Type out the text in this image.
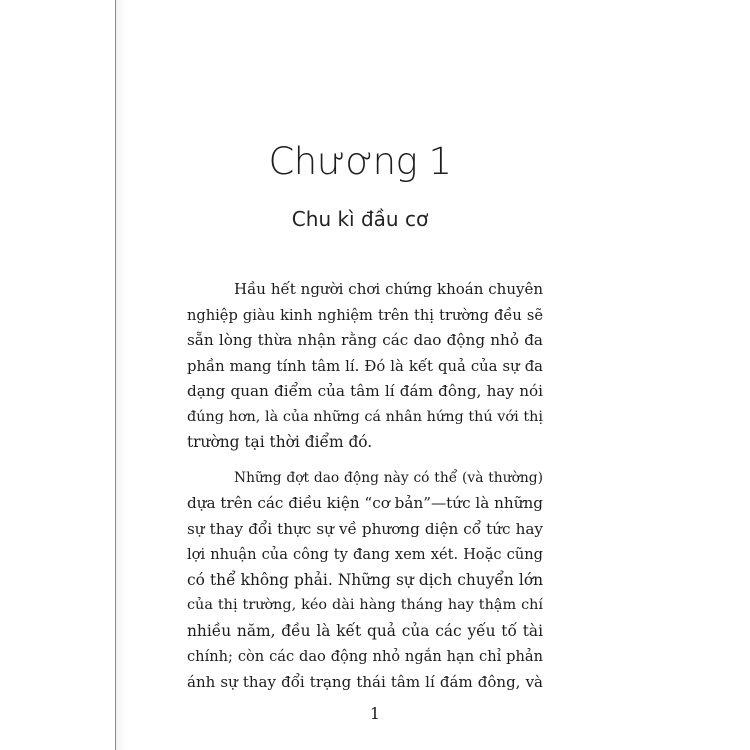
Chương 1
Chu kì đầu cơ

Hầu hết người chơi chứng khoán chuyên
nghiệp giàu kinh nghiệm trên thị trường đều sẽ
sẵn lòng thừa nhận rằng các dao động nhỏ đa
phần mang tính tâm lí. Đó là kết quả của sự đa
dạng quan điểm của tâm lí đám đông, hay nói
đúng hơn, là của những cá nhân hứng thú với thị
trường tại thời điểm đó.

Những đợt dao động này có thể (và thường)
dựa trên các điều kiện “cơ bản”—tức là những
sự thay đổi thực sự về phương diện cổ tức hay
lợi nhuận của công ty đang xem xét. Hoặc cũng
có thể không phải. Những sự dịch chuyển lớn
của thị trường, kéo dài hàng tháng hay thậm chí
nhiều năm, đều là kết quả của các yếu tố tài
chính; còn các dao động nhỏ ngắn hạn chỉ phản
ánh sự thay đổi trạng thái tâm lí đám đông, và

1
